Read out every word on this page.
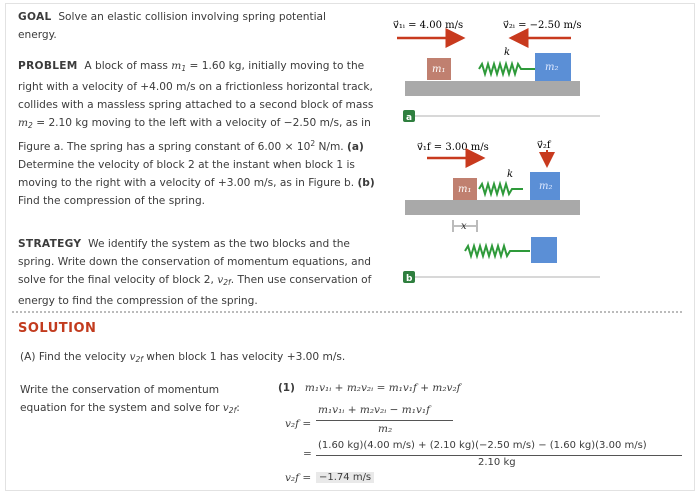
GOAL Solve an elastic collision involving spring potential energy.
PROBLEM A block of mass $m_1 = 1.60$ kg, initially moving to the right with a velocity of +4.00 m/s on a frictionless horizontal track, collides with a massless spring attached to a second block of mass $m_2 = 2.10$ kg moving to the left with a velocity of −2.50 m/s, as in Figure a. The spring has a spring constant of $6.00 \times 10^2$ N/m. (a) Determine the velocity of block 2 at the instant when block 1 is moving to the right with a velocity of +3.00 m/s, as in Figure b. (b) Find the compression of the spring.
STRATEGY We identify the system as the two blocks and the spring. Write down the conservation of momentum equations, and solve for the final velocity of block 2, $v_{2f}$. Then use conservation of energy to find the compression of the spring.
v⃗₁ᵢ = 4.00 m/s	v⃗₂ᵢ = −2.50 m/s
k
m₁	m₂
a
v⃗₁f = 3.00 m/s	v⃗₂f
k
m₁	m₂
x
b
SOLUTION
(A) Find the velocity $v_{2f}$ when block 1 has velocity +3.00 m/s.
Write the conservation of momentum equation for the system and solve for $v_{2f}$:
(1) m₁v₁ᵢ + m₂v₂ᵢ = m₁v₁f + m₂v₂f
v₂f =
m₁v₁ᵢ + m₂v₂ᵢ − m₁v₁f
m₂
=
(1.60 kg)(4.00 m/s) + (2.10 kg)(−2.50 m/s) − (1.60 kg)(3.00 m/s)
2.10 kg
v₂f = −1.74 m/s
